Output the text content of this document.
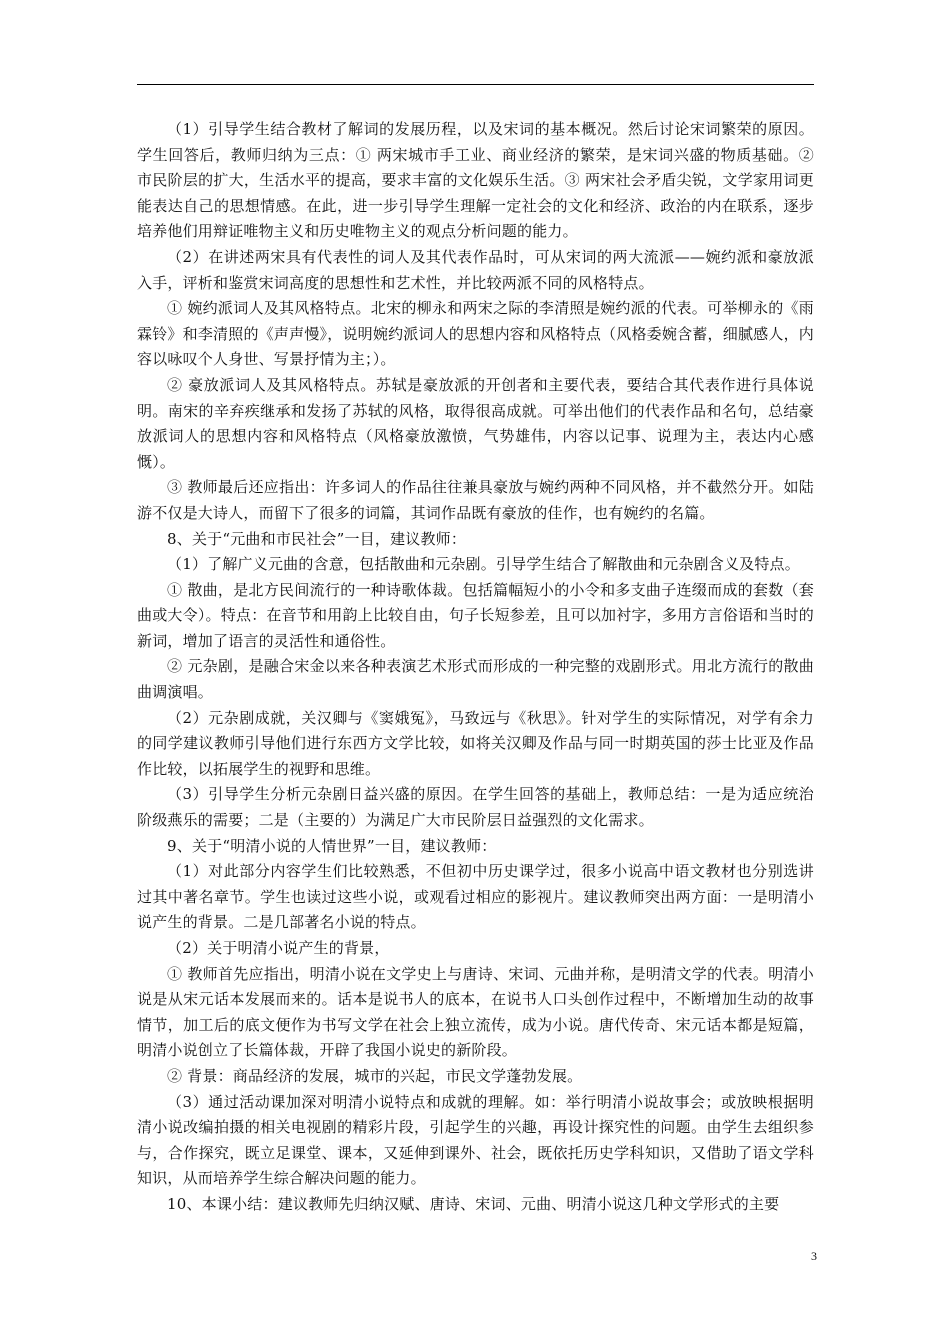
（1）引导学生结合教材了解词的发展历程，以及宋词的基本概况。然后讨论宋词繁荣的原因。学生回答后，教师归纳为三点：① 两宋城市手工业、商业经济的繁荣，是宋词兴盛的物质基础。② 市民阶层的扩大，生活水平的提高，要求丰富的文化娱乐生活。③ 两宋社会矛盾尖锐，文学家用词更能表达自己的思想情感。在此，进一步引导学生理解一定社会的文化和经济、政治的内在联系，逐步培养他们用辩证唯物主义和历史唯物主义的观点分析问题的能力。

（2）在讲述两宋具有代表性的词人及其代表作品时，可从宋词的两大流派——婉约派和豪放派入手，评析和鉴赏宋词高度的思想性和艺术性，并比较两派不同的风格特点。

① 婉约派词人及其风格特点。北宋的柳永和两宋之际的李清照是婉约派的代表。可举柳永的《雨霖铃》和李清照的《声声慢》，说明婉约派词人的思想内容和风格特点（风格委婉含蓄，细腻感人，内容以咏叹个人身世、写景抒情为主；）。

② 豪放派词人及其风格特点。苏轼是豪放派的开创者和主要代表，要结合其代表作进行具体说明。南宋的辛弃疾继承和发扬了苏轼的风格，取得很高成就。可举出他们的代表作品和名句，总结豪放派词人的思想内容和风格特点（风格豪放激愤，气势雄伟，内容以记事、说理为主，表达内心感慨）。

③ 教师最后还应指出：许多词人的作品往往兼具豪放与婉约两种不同风格，并不截然分开。如陆游不仅是大诗人，而留下了很多的词篇，其词作品既有豪放的佳作，也有婉约的名篇。

8、关于“元曲和市民社会”一目，建议教师：

（1）了解广义元曲的含意，包括散曲和元杂剧。引导学生结合了解散曲和元杂剧含义及特点。

① 散曲，是北方民间流行的一种诗歌体裁。包括篇幅短小的小令和多支曲子连缀而成的套数（套曲或大令）。特点：在音节和用韵上比较自由，句子长短参差，且可以加衬字，多用方言俗语和当时的新词，增加了语言的灵活性和通俗性。

② 元杂剧，是融合宋金以来各种表演艺术形式而形成的一种完整的戏剧形式。用北方流行的散曲曲调演唱。

（2）元杂剧成就，关汉卿与《窦娥冤》，马致远与《秋思》。针对学生的实际情况，对学有余力的同学建议教师引导他们进行东西方文学比较，如将关汉卿及作品与同一时期英国的莎士比亚及作品作比较，以拓展学生的视野和思维。

（3）引导学生分析元杂剧日益兴盛的原因。在学生回答的基础上，教师总结：一是为适应统治阶级燕乐的需要；二是（主要的）为满足广大市民阶层日益强烈的文化需求。

9、关于“明清小说的人情世界”一目，建议教师：

（1）对此部分内容学生们比较熟悉，不但初中历史课学过，很多小说高中语文教材也分别选讲过其中著名章节。学生也读过这些小说，或观看过相应的影视片。建议教师突出两方面：一是明清小说产生的背景。二是几部著名小说的特点。

（2）关于明清小说产生的背景，

① 教师首先应指出，明清小说在文学史上与唐诗、宋词、元曲并称，是明清文学的代表。明清小说是从宋元话本发展而来的。话本是说书人的底本，在说书人口头创作过程中，不断增加生动的故事情节，加工后的底文便作为书写文学在社会上独立流传，成为小说。唐代传奇、宋元话本都是短篇，明清小说创立了长篇体裁，开辟了我国小说史的新阶段。

② 背景：商品经济的发展，城市的兴起，市民文学蓬勃发展。

（3）通过活动课加深对明清小说特点和成就的理解。如：举行明清小说故事会；或放映根据明清小说改编拍摄的相关电视剧的精彩片段，引起学生的兴趣，再设计探究性的问题。由学生去组织参与，合作探究，既立足课堂、课本，又延伸到课外、社会，既依托历史学科知识，又借助了语文学科知识，从而培养学生综合解决问题的能力。

10、本课小结：建议教师先归纳汉赋、唐诗、宋词、元曲、明清小说这几种文学形式的主要

3
